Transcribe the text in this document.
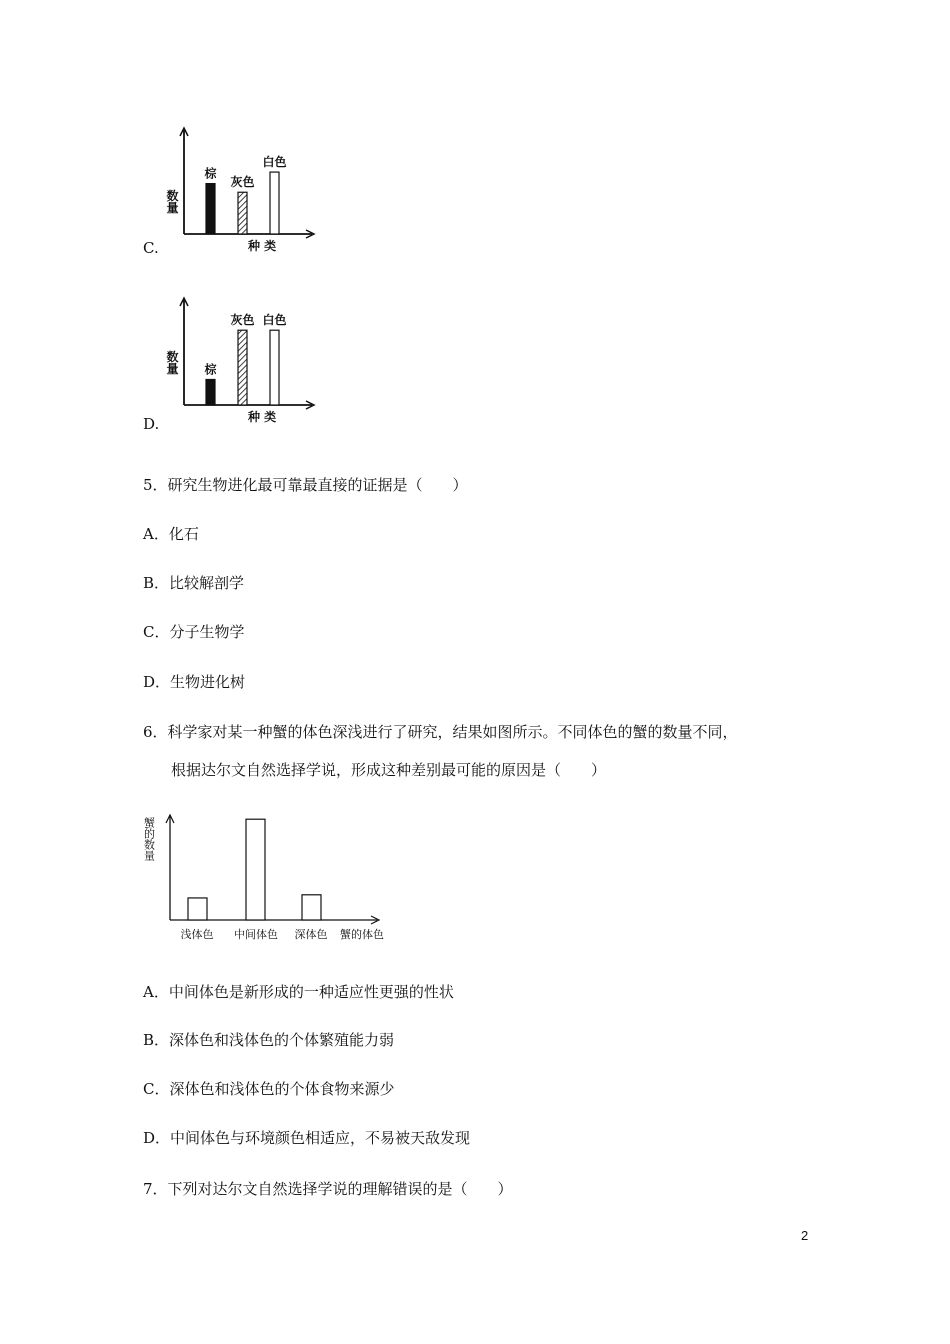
C.
数量
种 类
棕
灰色
白色
D.
数量
种 类
棕
灰色 白色
5．研究生物进化最可靠最直接的证据是（　　）
A．化石
B．比较解剖学
C．分子生物学
D．生物进化树
6．科学家对某一种蟹的体色深浅进行了研究，结果如图所示。不同体色的蟹的数量不同，
根据达尔文自然选择学说，形成这种差别最可能的原因是（　　）
蟹的数量
蟹的体色
浅体色 中间体色 深体色
A．中间体色是新形成的一种适应性更强的性状
B．深体色和浅体色的个体繁殖能力弱
C．深体色和浅体色的个体食物来源少
D．中间体色与环境颜色相适应，不易被天敌发现
7．下列对达尔文自然选择学说的理解错误的是（　　）
2
